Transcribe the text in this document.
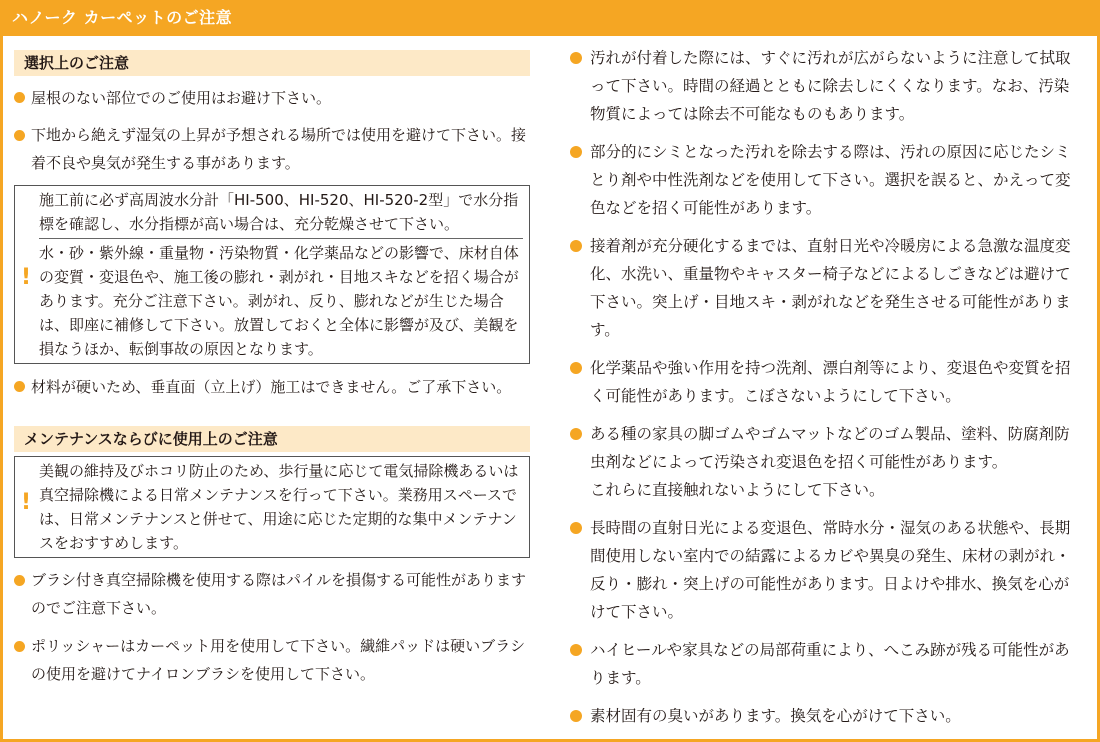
ハノーク カーペットのご注意
選択上のご注意
屋根のない部位でのご使用はお避け下さい。
下地から絶えず湿気の上昇が予想される場所では使用を避けて下さい。接着不良や臭気が発生する事があります。
!
施工前に必ず高周波水分計「HI-500、HI-520、HI-520-2型」で水分指標を確認し、水分指標が高い場合は、充分乾燥させて下さい。
水・砂・紫外線・重量物・汚染物質・化学薬品などの影響で、床材自体の変質・変退色や、施工後の膨れ・剥がれ・目地スキなどを招く場合があります。充分ご注意下さい。剥がれ、反り、膨れなどが生じた場合は、即座に補修して下さい。放置しておくと全体に影響が及び、美観を損なうほか、転倒事故の原因となります。
材料が硬いため、垂直面（立上げ）施工はできません。ご了承下さい。
メンテナンスならびに使用上のご注意
!
美観の維持及びホコリ防止のため、歩行量に応じて電気掃除機あるいは真空掃除機による日常メンテナンスを行って下さい。業務用スペースでは、日常メンテナンスと併せて、用途に応じた定期的な集中メンテナンスをおすすめします。
ブラシ付き真空掃除機を使用する際はパイルを損傷する可能性がありますのでご注意下さい。
ポリッシャーはカーペット用を使用して下さい。繊維パッドは硬いブラシの使用を避けてナイロンブラシを使用して下さい。
汚れが付着した際には、すぐに汚れが広がらないように注意して拭取って下さい。時間の経過とともに除去しにくくなります。なお、汚染物質によっては除去不可能なものもあります。
部分的にシミとなった汚れを除去する際は、汚れの原因に応じたシミとり剤や中性洗剤などを使用して下さい。選択を誤ると、かえって変色などを招く可能性があります。
接着剤が充分硬化するまでは、直射日光や冷暖房による急激な温度変化、水洗い、重量物やキャスター椅子などによるしごきなどは避けて下さい。突上げ・目地スキ・剥がれなどを発生させる可能性があります。
化学薬品や強い作用を持つ洗剤、漂白剤等により、変退色や変質を招く可能性があります。こぼさないようにして下さい。
ある種の家具の脚ゴムやゴムマットなどのゴム製品、塗料、防腐剤防虫剤などによって汚染され変退色を招く可能性があります。
これらに直接触れないようにして下さい。
長時間の直射日光による変退色、常時水分・湿気のある状態や、長期間使用しない室内での結露によるカビや異臭の発生、床材の剥がれ・反り・膨れ・突上げの可能性があります。日よけや排水、換気を心がけて下さい。
ハイヒールや家具などの局部荷重により、へこみ跡が残る可能性があります。
素材固有の臭いがあります。換気を心がけて下さい。
